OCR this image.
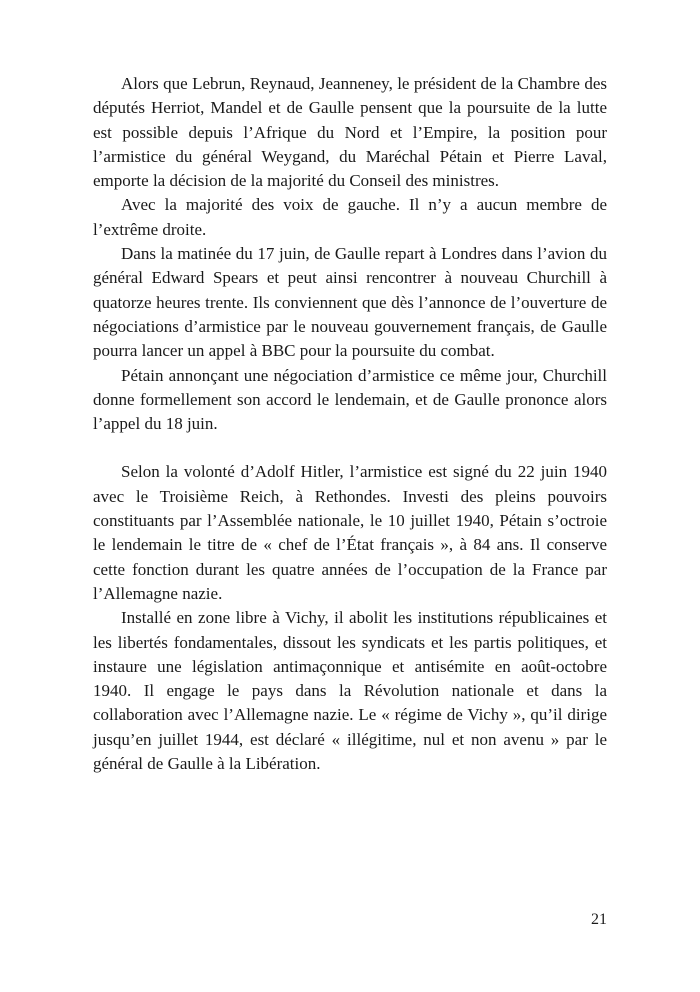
Alors que Lebrun, Reynaud, Jeanneney, le président de la Chambre des députés Herriot, Mandel et de Gaulle pensent que la poursuite de la lutte est possible depuis l’Afrique du Nord et l’Empire, la position pour l’armistice du général Weygand, du Maréchal Pétain et Pierre Laval, emporte la décision de la majorité du Conseil des ministres.

Avec la majorité des voix de gauche. Il n’y a aucun membre de l’extrême droite.

Dans la matinée du 17 juin, de Gaulle repart à Londres dans l’avion du général Edward Spears et peut ainsi rencontrer à nouveau Churchill à quatorze heures trente. Ils conviennent que dès l’annonce de l’ouverture de négociations d’armistice par le nouveau gouvernement français, de Gaulle pourra lancer un appel à BBC pour la poursuite du combat.

Pétain annonçant une négociation d’armistice ce même jour, Churchill donne formellement son accord le lendemain, et de Gaulle prononce alors l’appel du 18 juin.

Selon la volonté d’Adolf Hitler, l’armistice est signé du 22 juin 1940 avec le Troisième Reich, à Rethondes. Investi des pleins pouvoirs constituants par l’Assemblée nationale, le 10 juillet 1940, Pétain s’octroie le lendemain le titre de « chef de l’État français », à 84 ans. Il conserve cette fonction durant les quatre années de l’occupation de la France par l’Allemagne nazie.

Installé en zone libre à Vichy, il abolit les institutions républicaines et les libertés fondamentales, dissout les syndicats et les partis politiques, et instaure une législation antimaçonnique et antisémite en août-octobre 1940. Il engage le pays dans la Révolution nationale et dans la collaboration avec l’Allemagne nazie. Le « régime de Vichy », qu’il dirige jusqu’en juillet 1944, est déclaré « illégitime, nul et non avenu » par le général de Gaulle à la Libération.

21
